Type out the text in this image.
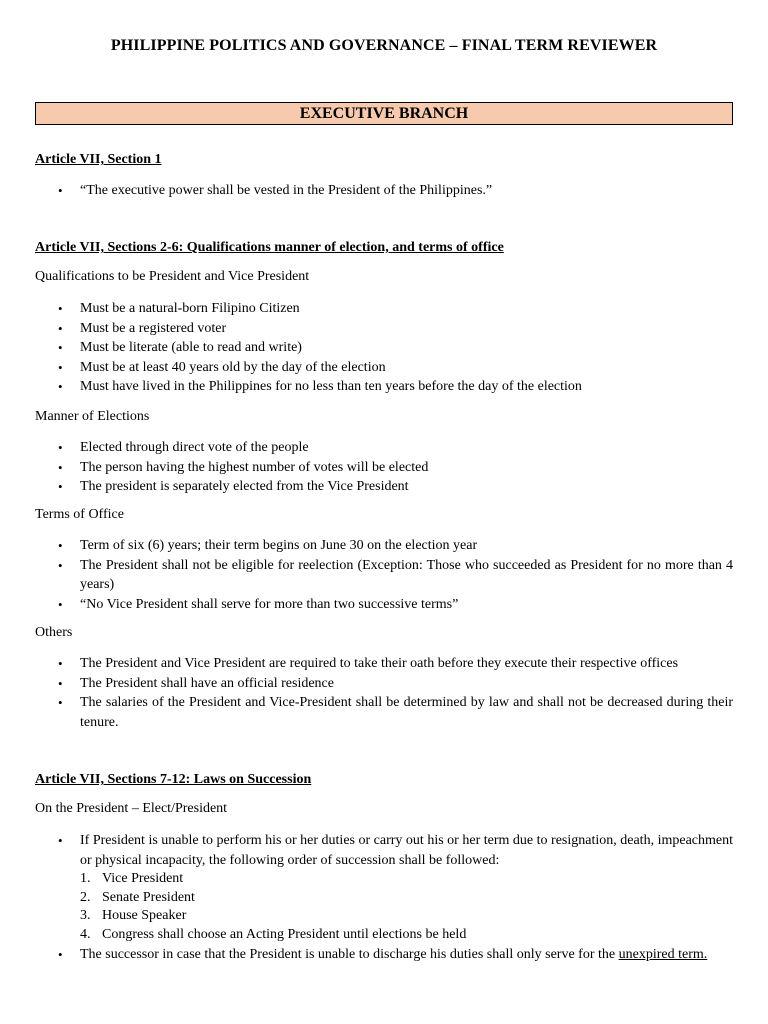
PHILIPPINE POLITICS AND GOVERNANCE – FINAL TERM REVIEWER
EXECUTIVE BRANCH
Article VII, Section 1
• “The executive power shall be vested in the President of the Philippines.”
Article VII, Sections 2-6: Qualifications manner of election, and terms of office
Qualifications to be President and Vice President
• Must be a natural-born Filipino Citizen
• Must be a registered voter
• Must be literate (able to read and write)
• Must be at least 40 years old by the day of the election
• Must have lived in the Philippines for no less than ten years before the day of the election
Manner of Elections
• Elected through direct vote of the people
• The person having the highest number of votes will be elected
• The president is separately elected from the Vice President
Terms of Office
• Term of six (6) years; their term begins on June 30 on the election year
• The President shall not be eligible for reelection (Exception: Those who succeeded as President for no more than 4 years)
• “No Vice President shall serve for more than two successive terms”
Others
• The President and Vice President are required to take their oath before they execute their respective offices
• The President shall have an official residence
• The salaries of the President and Vice-President shall be determined by law and shall not be decreased during their tenure.
Article VII, Sections 7-12: Laws on Succession
On the President – Elect/President
• If President is unable to perform his or her duties or carry out his or her term due to resignation, death, impeachment or physical incapacity, the following order of succession shall be followed:
1. Vice President
2. Senate President
3. House Speaker
4. Congress shall choose an Acting President until elections be held
• The successor in case that the President is unable to discharge his duties shall only serve for the unexpired term.
